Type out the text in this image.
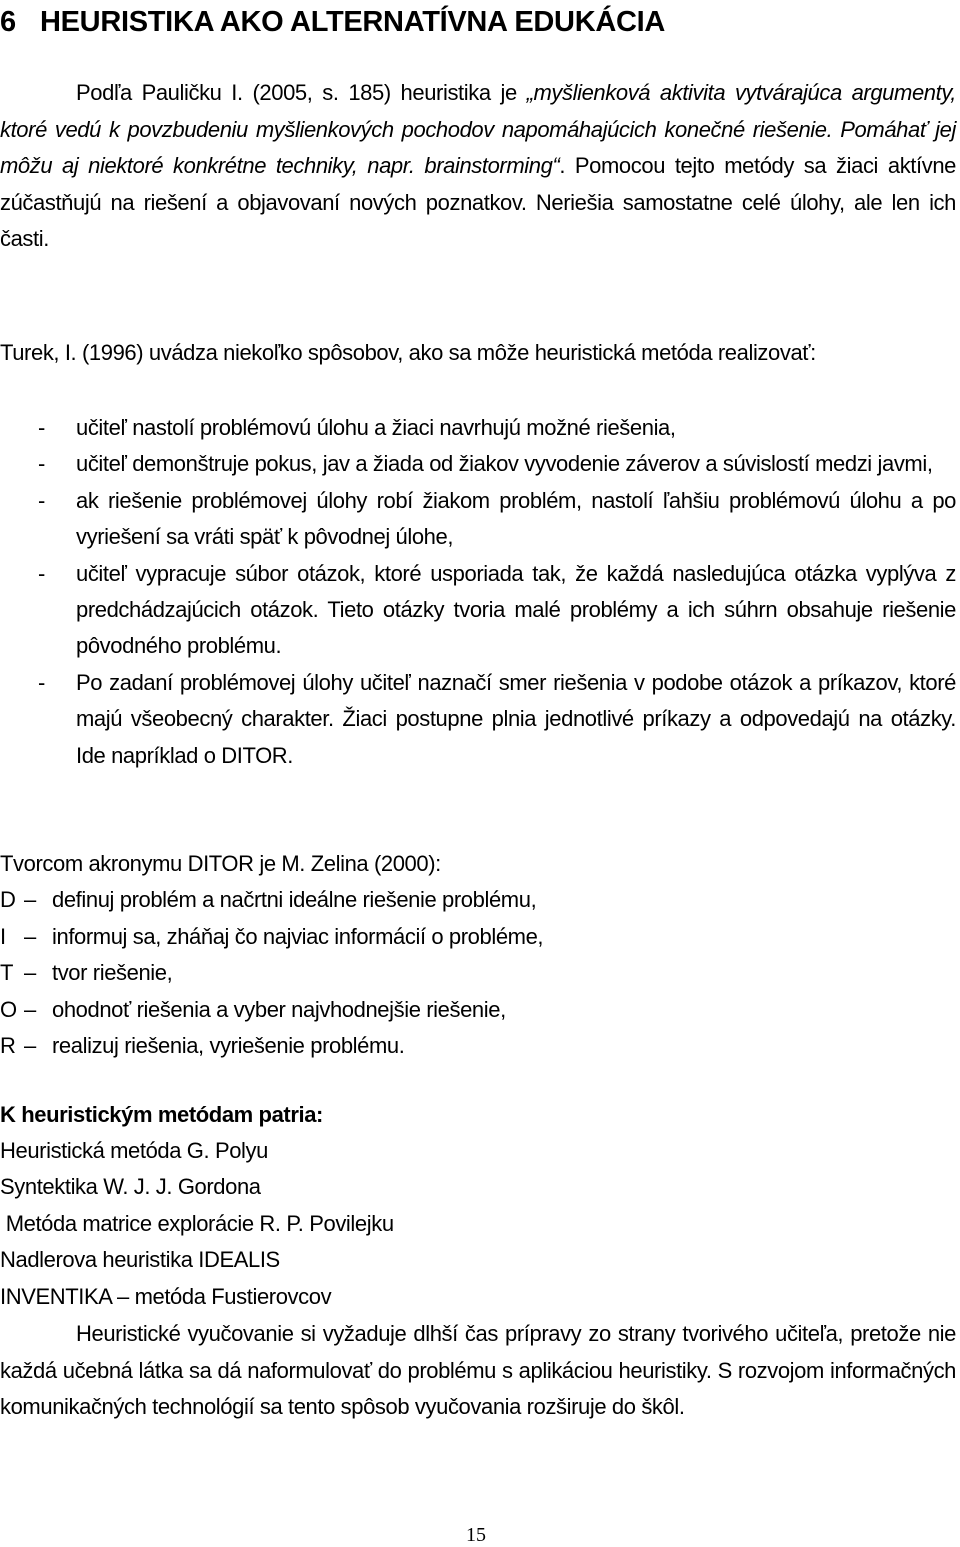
6 HEURISTIKA AKO ALTERNATÍVNA EDUKÁCIA

Podľa Pauličku I. (2005, s. 185) heuristika je „myšlienková aktivita vytvárajúca argumenty, ktoré vedú k povzbudeniu myšlienkových pochodov napomáhajúcich konečné riešenie. Pomáhať jej môžu aj niektoré konkrétne techniky, napr. brainstorming“. Pomocou tejto metódy sa žiaci aktívne zúčastňujú na riešení a objavovaní nových poznatkov. Neriešia samostatne celé úlohy, ale len ich časti.

Turek, I. (1996) uvádza niekoľko spôsobov, ako sa môže heuristická metóda realizovať:

- učiteľ nastolí problémovú úlohu a žiaci navrhujú možné riešenia,
- učiteľ demonštruje pokus, jav a žiada od žiakov vyvodenie záverov a súvislostí medzi javmi,
- ak riešenie problémovej úlohy robí žiakom problém, nastolí ľahšiu problémovú úlohu a po vyriešení sa vráti späť k pôvodnej úlohe,
- učiteľ vypracuje súbor otázok, ktoré usporiada tak, že každá nasledujúca otázka vyplýva z predchádzajúcich otázok. Tieto otázky tvoria malé problémy a ich súhrn obsahuje riešenie pôvodného problému.
- Po zadaní problémovej úlohy učiteľ naznačí smer riešenia v podobe otázok a príkazov, ktoré majú všeobecný charakter. Žiaci postupne plnia jednotlivé príkazy a odpovedajú na otázky. Ide napríklad o DITOR.
Tvorcom akronymu DITOR je M. Zelina (2000):
D – definuj problém a načrtni ideálne riešenie problému,
I – informuj sa, zháňaj čo najviac informácií o probléme,
T – tvor riešenie,
O – ohodnoť riešenia a vyber najvhodnejšie riešenie,
R – realizuj riešenia, vyriešenie problému.
K heuristickým metódam patria:
Heuristická metóda G. Polyu
Syntektika W. J. J. Gordona
Metóda matrice explorácie R. P. Povilejku
Nadlerova heuristika IDEALIS
INVENTIKA – metóda Fustierovcov

Heuristické vyučovanie si vyžaduje dlhší čas prípravy zo strany tvorivého učiteľa, pretože nie každá učebná látka sa dá naformulovať do problému s aplikáciou heuristiky. S rozvojom informačných komunikačných technológií sa tento spôsob vyučovania rozširuje do škôl.

15
